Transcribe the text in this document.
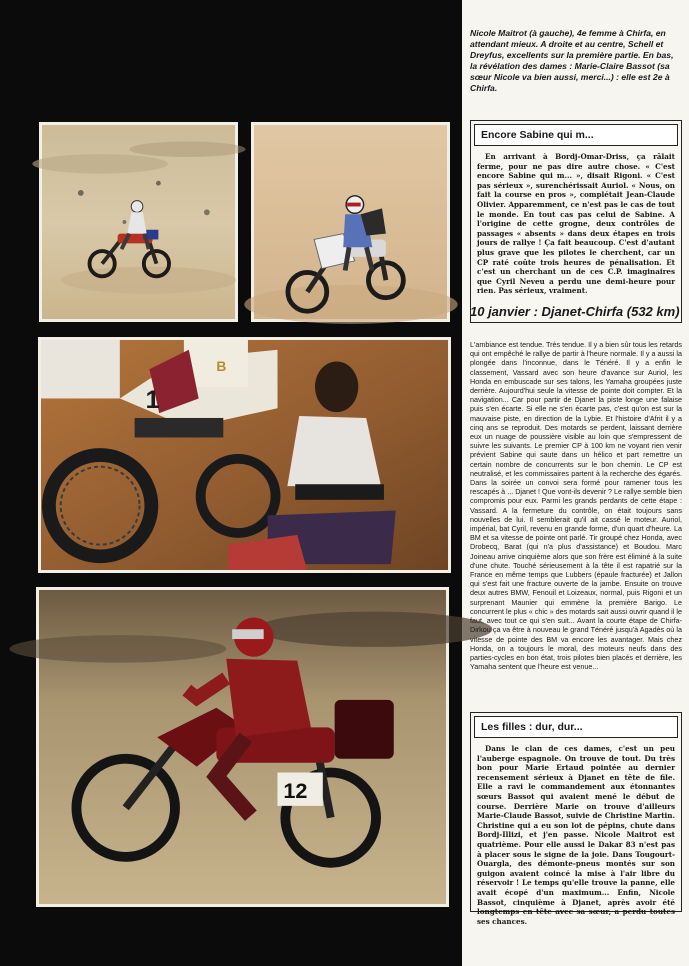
B
1
12

Nicole Maitrot (à gauche), 4e femme à Chirfa, en attendant mieux. A droite et au centre, Schell et Dreyfus, excellents sur la première partie. En bas, la révélation des dames : Marie-Claire Bassot (sa sœur Nicole va bien aussi, merci...) : elle est 2e à Chirfa.

Encore Sabine qui m...

En arrivant à Bordj-Omar-Driss, ça râlait ferme, pour ne pas dire autre chose. « C'est encore Sabine qui m... », disait Rigoni. « C'est pas sérieux », surenchérissait Auriol. « Nous, on fait la course en pros », complétait Jean-Claude Olivier. Apparemment, ce n'est pas le cas de tout le monde. En tout cas pas celui de Sabine. A l'origine de cette grogne, deux contrôles de passages « absents » dans deux étapes en trois jours de rallye ! Ça fait beaucoup. C'est d'autant plus grave que les pilotes le cherchent, car un CP raté coûte trois heures de pénalisation. Et c'est un cherchant un de ces C.P. imaginaires que Cyril Neveu a perdu une demi-heure pour rien. Pas sérieux, vraiment.

10 janvier : Djanet-Chirfa (532 km)

L'ambiance est tendue. Très tendue. Il y a bien sûr tous les retards qui ont empêché le rallye de partir à l'heure normale. Il y a aussi la plongée dans l'inconnue, dans le Ténéré. Il y a enfin le classement, Vassard avec son heure d'avance sur Auriol, les Honda en embuscade sur ses talons, les Yamaha groupées juste derrière. Aujourd'hui seule la vitesse de pointe doit compter. Et la navigation... Car pour partir de Djanet la piste longe une falaise puis s'en écarte. Si elle ne s'en écarte pas, c'est qu'on est sur la mauvaise piste, en direction de la Lybie. Et l'histoire d'Afrit il y a cinq ans se reproduit. Des motards se perdent, laissant derrière eux un nuage de poussière visible au loin que s'empressent de suivre les suivants. Le premier CP à 100 km ne voyant rien venir prévient Sabine qui saute dans un hélico et part remettre un certain nombre de concurrents sur le bon chemin. Le CP est neutralisé, et les commissaires partent à la recherche des égarés. Dans la soirée un convoi sera formé pour ramener tous les rescapés à ... Djanet ! Que vont-ils devenir ? Le rallye semble bien compromis pour eux. Parmi les grands perdants de cette étape : Vassard. A la fermeture du contrôle, on était toujours sans nouvelles de lui. Il semblerait qu'il ait cassé le moteur. Auriol, impérial, bat Cyril, revenu en grande forme, d'un quart d'heure. La BM et sa vitesse de pointe ont parlé. Tir groupé chez Honda, avec Drobecq, Barat (qui n'a plus d'assistance) et Boudou. Marc Joineau arrive cinquième alors que son frère est éliminé à la suite d'une chute. Touché sérieusement à la tête il est rapatrié sur la France en même temps que Lubbers (épaule fracturée) et Jallon qui s'est fait une fracture ouverte de la jambe. Ensuite on trouve deux autres BMW, Fenouil et Loizeaux, normal, puis Rigoni et un surprenant Maunier qui emmène la première Barigo. Le concurrent le plus « chic » des motards sait aussi ouvrir quand il le faut, avec tout ce qui s'en suit... Avant la courte étape de Chirfa-Dirkou ça va être à nouveau le grand Ténéré jusqu'à Agadès où la vitesse de pointe des BM va encore les avantager. Mais chez Honda, on a toujours le moral, des moteurs neufs dans des parties-cycles en bon état, trois pilotes bien placés et derrière, les Yamaha sentent que l'heure est venue...

Les filles : dur, dur...

Dans le clan de ces dames, c'est un peu l'auberge espagnole. On trouve de tout. Du très bon pour Marie Ertaud pointée au dernier recensement sérieux à Djanet en tête de file. Elle a ravi le commandement aux étonnantes sœurs Bassot qui avaient mené le début de course. Derrière Marie on trouve d'ailleurs Marie-Claude Bassot, suivie de Christine Martin. Christine qui a eu son lot de pépins, chute dans Bordj-Illizi, et j'en passe. Nicole Maitrot est quatrième. Pour elle aussi le Dakar 83 n'est pas à placer sous le signe de la joie. Dans Tougourt-Ouargla, des démonte-pneus montés sur son guigon avaient coincé la mise à l'air libre du réservoir ! Le temps qu'elle trouve la panne, elle avait écopé d'un maximum... Enfin, Nicole Bassot, cinquième à Djanet, après avoir été longtemps en tête avec sa sœur, a perdu toutes ses chances.
